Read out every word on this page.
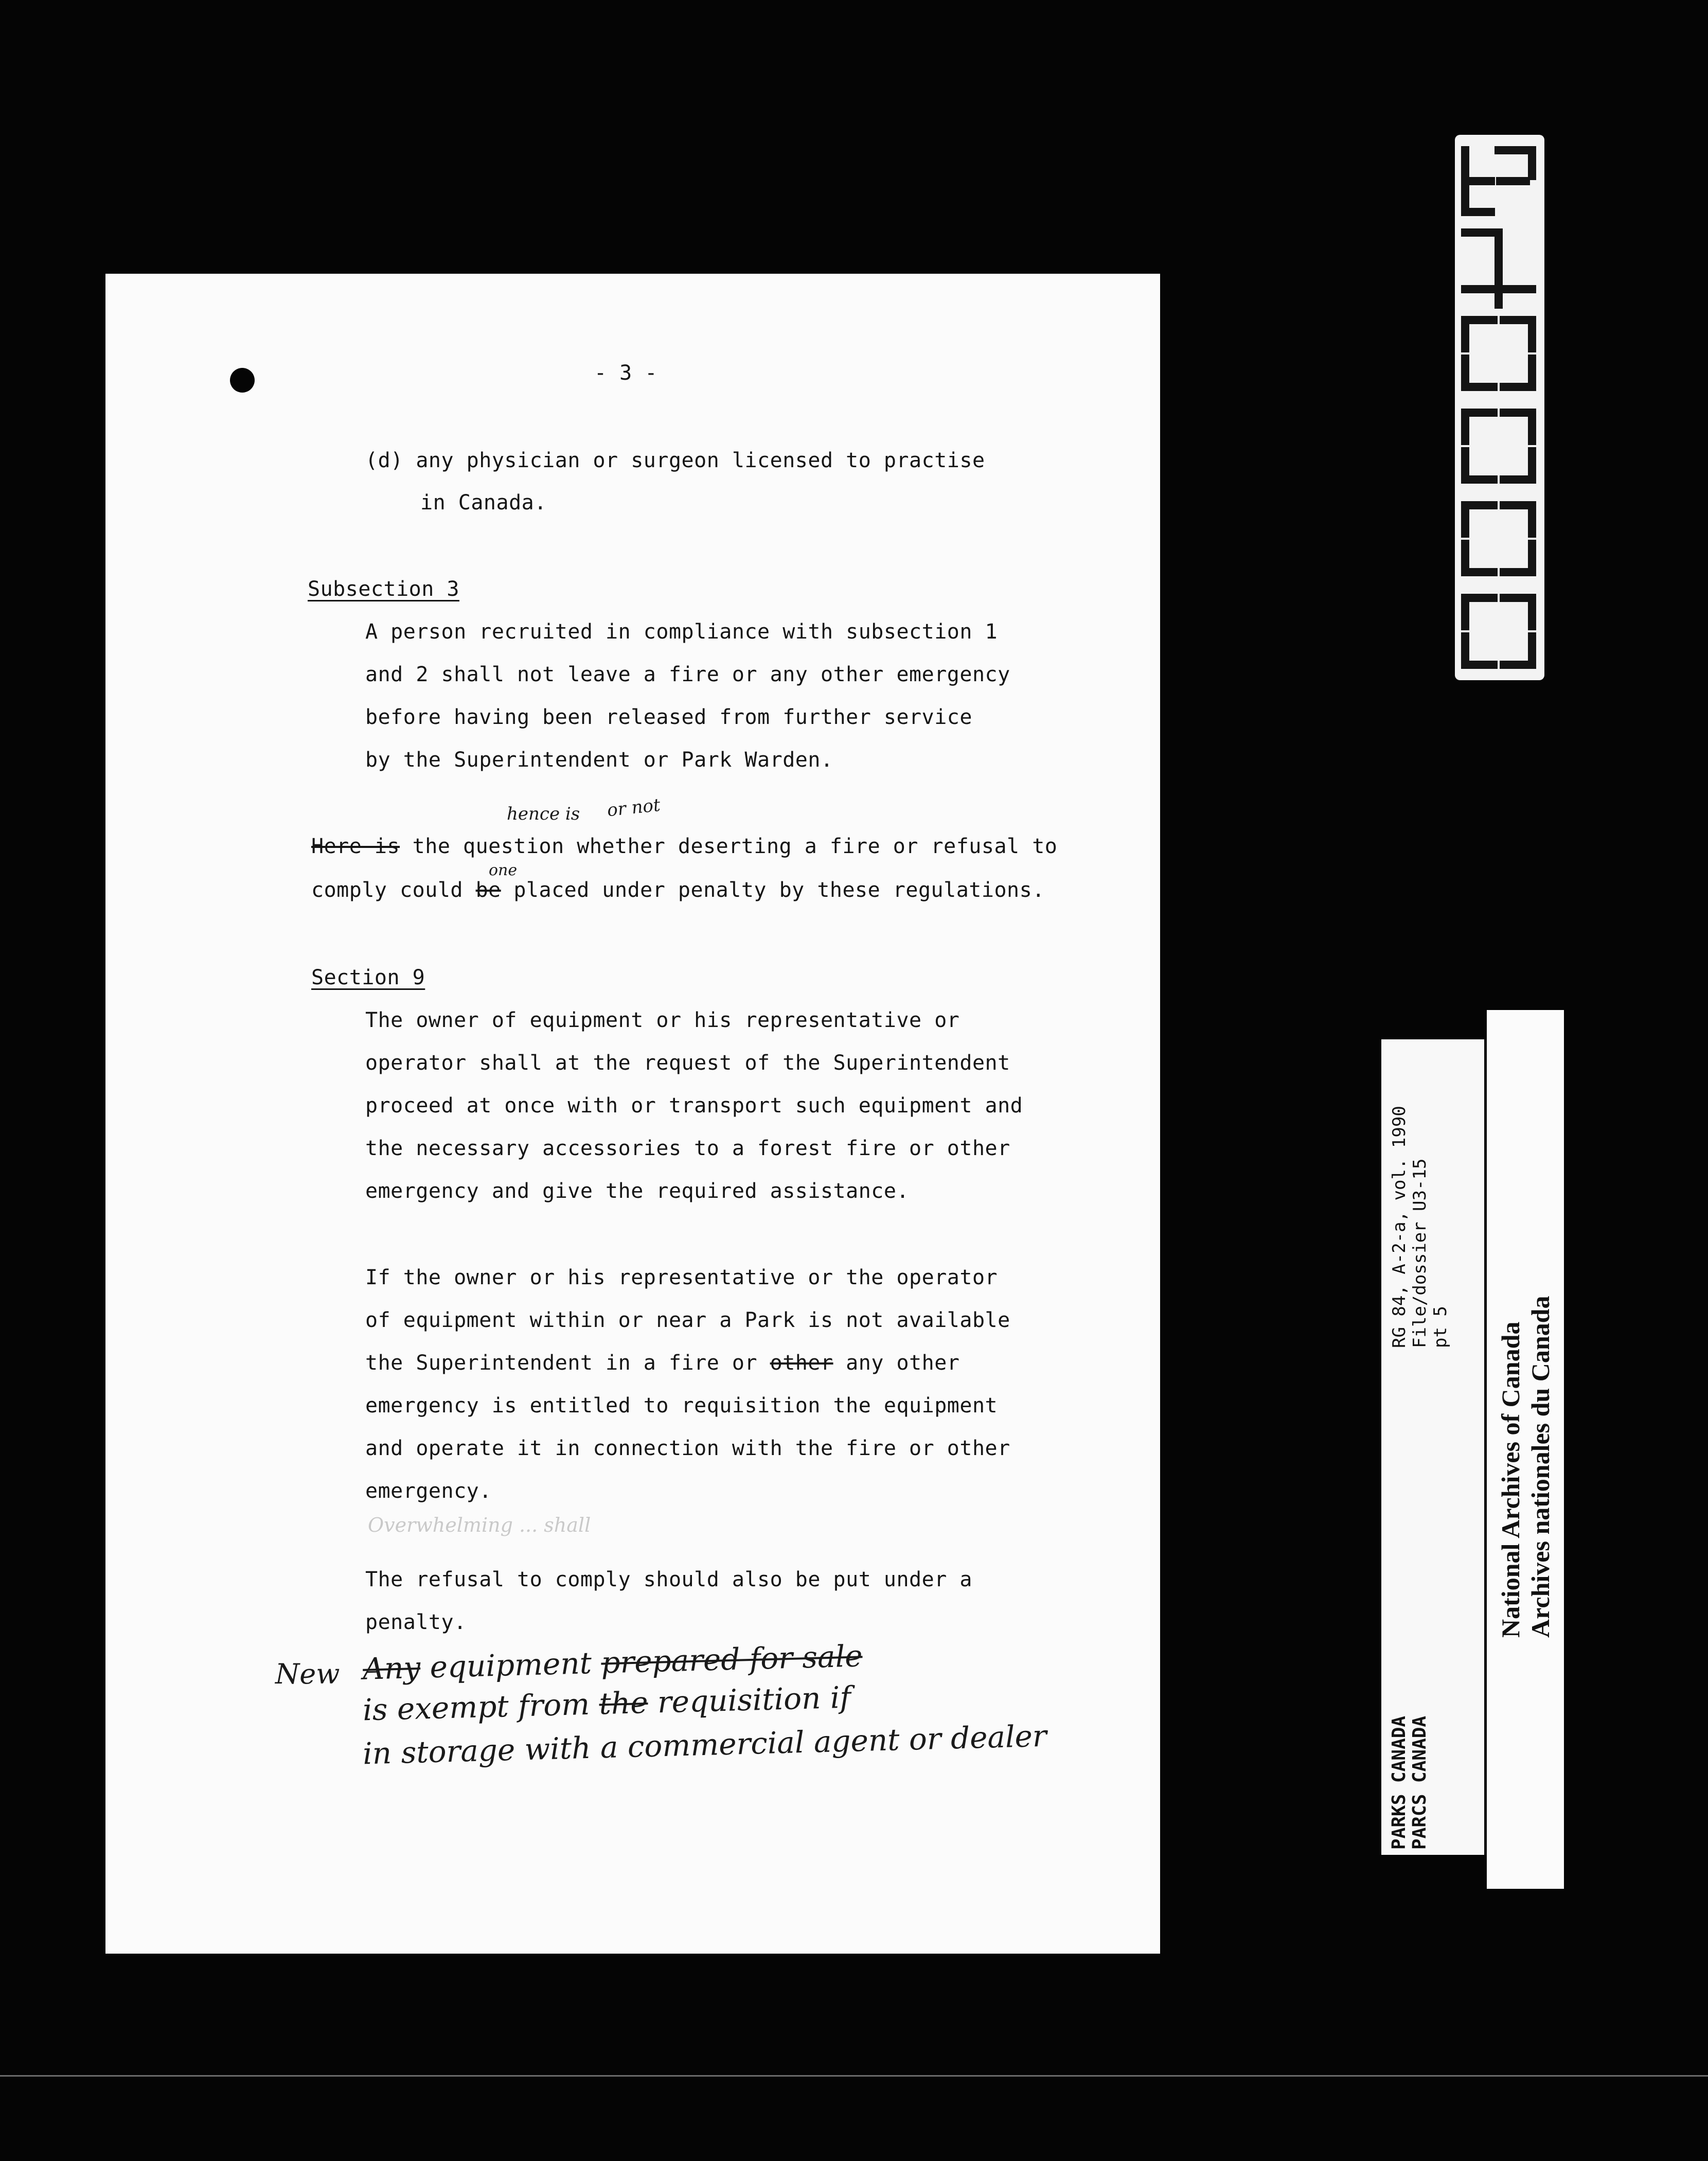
- 3 -
(d) any physician or surgeon licensed to practise
in Canada.
Subsection 3
A person recruited in compliance with subsection 1
and 2 shall not leave a fire or any other emergency
before having been released from further service
by the Superintendent or Park Warden.
hence is or not
Here is the question whether deserting a fire or refusal to
one
comply could be placed under penalty by these regulations.
Section 9
The owner of equipment or his representative or
operator shall at the request of the Superintendent
proceed at once with or transport such equipment and
the necessary accessories to a forest fire or other
emergency and give the required assistance.
If the owner or his representative or the operator
of equipment within or near a Park is not available
the Superintendent in a fire or other any other
emergency is entitled to requisition the equipment
and operate it in connection with the fire or other
emergency.
Overwhelming ... shall
The refusal to comply should also be put under a
penalty.
New Any equipment prepared for sale
is exempt from the requisition if
in storage with a commercial agent or dealer	PARKS CANADA PARCS CANADA
RG 84, A-2-a, vol. 1990 File/dossier U3-15 pt 5 National Archives of Canada Archives nationales du Canada
